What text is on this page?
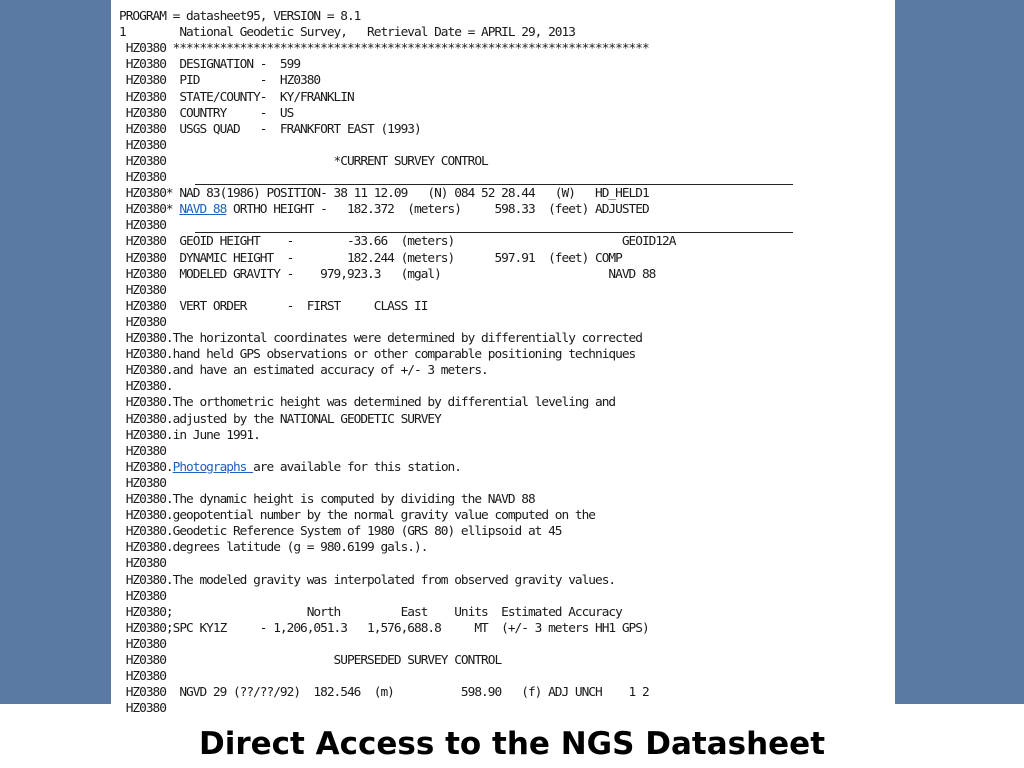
PROGRAM = datasheet95, VERSION = 8.1
1        National Geodetic Survey,   Retrieval Date = APRIL 29, 2013
HZ0380 ***********************************************************************
HZ0380  DESIGNATION -  599
HZ0380  PID         -  HZ0380
HZ0380  STATE/COUNTY-  KY/FRANKLIN
HZ0380  COUNTRY     -  US
HZ0380  USGS QUAD   -  FRANKFORT EAST (1993)
HZ0380
HZ0380                         *CURRENT SURVEY CONTROL
HZ0380
HZ0380* NAD 83(1986) POSITION- 38 11 12.09   (N) 084 52 28.44   (W)   HD_HELD1
HZ0380* NAVD 88 ORTHO HEIGHT -   182.372  (meters)     598.33  (feet) ADJUSTED
HZ0380
HZ0380  GEOID HEIGHT    -        -33.66  (meters)                         GEOID12A
HZ0380  DYNAMIC HEIGHT  -        182.244 (meters)      597.91  (feet) COMP
HZ0380  MODELED GRAVITY -    979,923.3   (mgal)                         NAVD 88
HZ0380
HZ0380  VERT ORDER      -  FIRST     CLASS II
HZ0380
HZ0380.The horizontal coordinates were determined by differentially corrected
HZ0380.hand held GPS observations or other comparable positioning techniques
HZ0380.and have an estimated accuracy of +/- 3 meters.
HZ0380.
HZ0380.The orthometric height was determined by differential leveling and
HZ0380.adjusted by the NATIONAL GEODETIC SURVEY
HZ0380.in June 1991.
HZ0380
HZ0380.Photographs are available for this station.
HZ0380
HZ0380.The dynamic height is computed by dividing the NAVD 88
HZ0380.geopotential number by the normal gravity value computed on the
HZ0380.Geodetic Reference System of 1980 (GRS 80) ellipsoid at 45
HZ0380.degrees latitude (g = 980.6199 gals.).
HZ0380
HZ0380.The modeled gravity was interpolated from observed gravity values.
HZ0380
HZ0380;                    North         East    Units  Estimated Accuracy
HZ0380;SPC KY1Z     - 1,206,051.3   1,576,688.8     MT  (+/- 3 meters HH1 GPS)
HZ0380
HZ0380                         SUPERSEDED SURVEY CONTROL
HZ0380
HZ0380  NGVD 29 (??/??/92)  182.546  (m)          598.90   (f) ADJ UNCH    1 2
HZ0380
Direct Access to the NGS Datasheet
